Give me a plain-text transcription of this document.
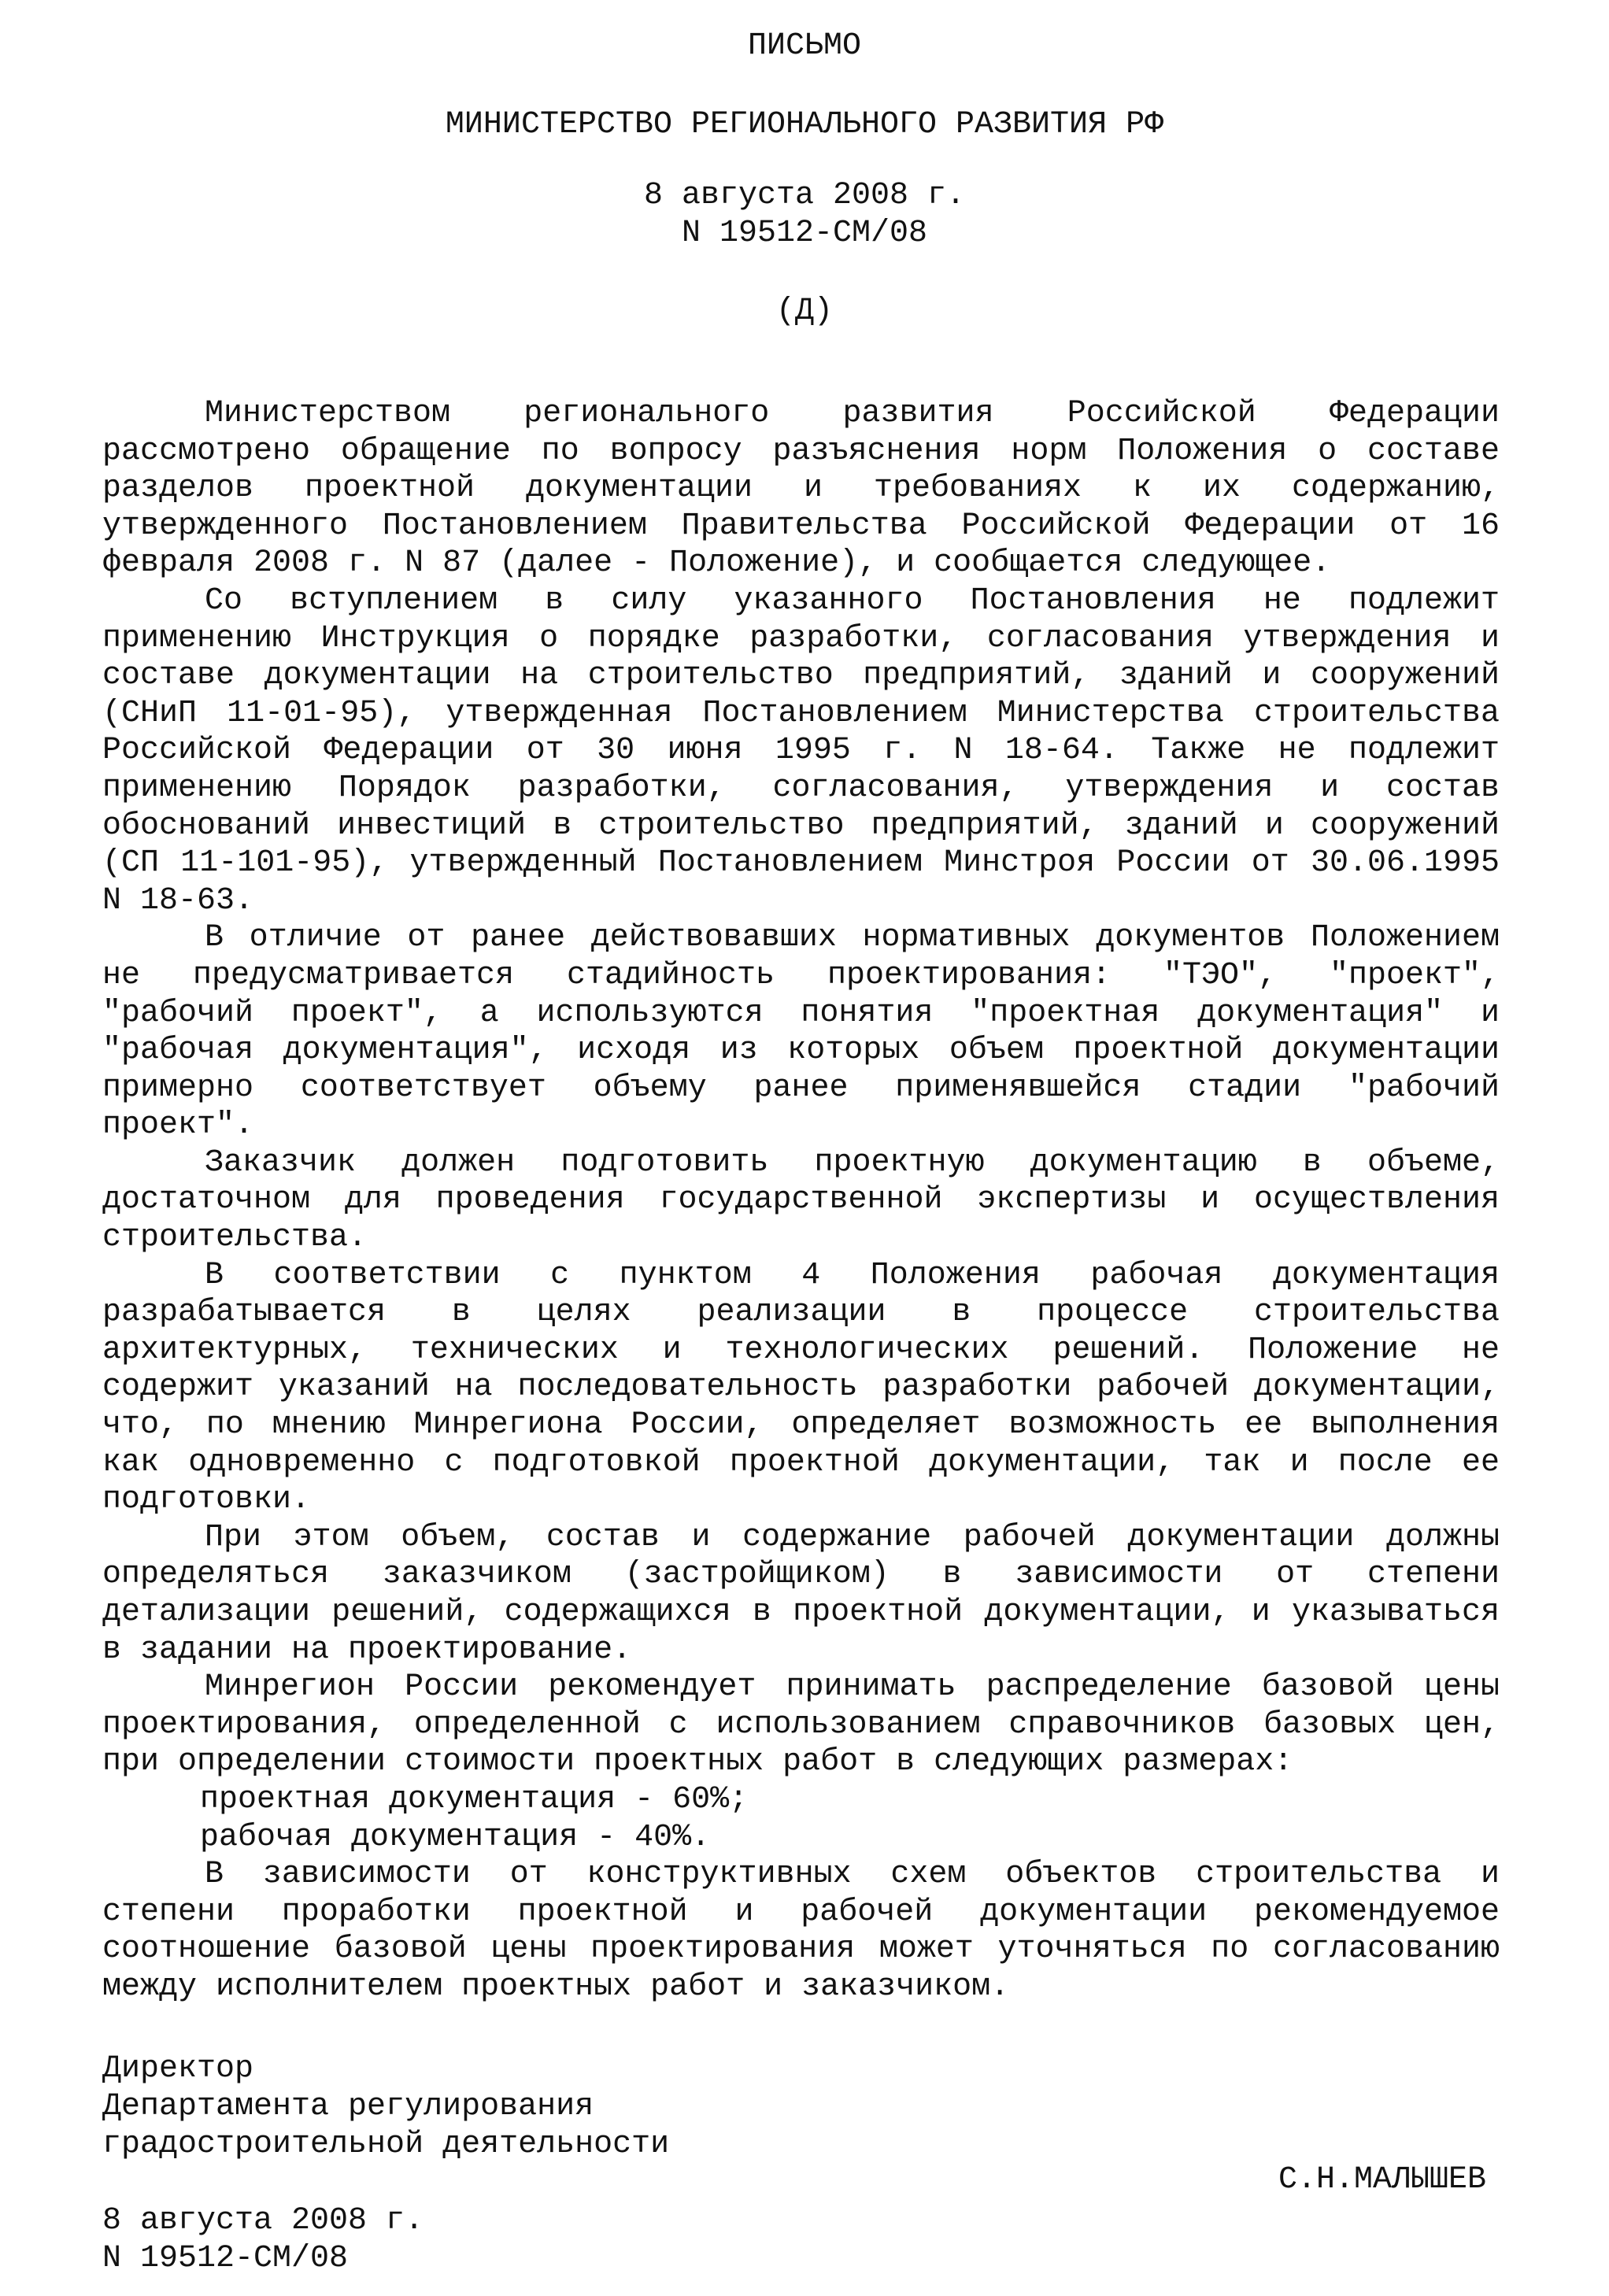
ПИСЬМО
МИНИСТЕРСТВО РЕГИОНАЛЬНОГО РАЗВИТИЯ РФ
8 августа 2008 г.
N 19512-СМ/08
(Д)

Министерством регионального развития Российской Федерации рассмотрено обращение по вопросу разъяснения норм Положения о составе разделов проектной документации и требованиях к их содержанию, утвержденного Постановлением Правительства Российской Федерации от 16 февраля 2008 г. N 87 (далее - Положение), и сообщается следующее.

Со вступлением в силу указанного Постановления не подлежит применению Инструкция о порядке разработки, согласования утверждения и составе документации на строительство предприятий, зданий и сооружений (СНиП 11-01-95), утвержденная Постановлением Министерства строительства Российской Федерации от 30 июня 1995 г. N 18-64. Также не подлежит применению Порядок разработки, согласования, утверждения и состав обоснований инвестиций в строительство предприятий, зданий и сооружений (СП 11-101-95), утвержденный Постановлением Минстроя России от 30.06.1995 N 18-63.

В отличие от ранее действовавших нормативных документов Положением не предусматривается стадийность проектирования: "ТЭО", "проект", "рабочий проект", а используются понятия "проектная документация" и "рабочая документация", исходя из которых объем проектной документации примерно соответствует объему ранее применявшейся стадии "рабочий проект".

Заказчик должен подготовить проектную документацию в объеме, достаточном для проведения государственной экспертизы и осуществления строительства.

В соответствии с пунктом 4 Положения рабочая документация разрабатывается в целях реализации в процессе строительства архитектурных, технических и технологических решений. Положение не содержит указаний на последовательность разработки рабочей документации, что, по мнению Минрегиона России, определяет возможность ее выполнения как одновременно с подготовкой проектной документации, так и после ее подготовки.

При этом объем, состав и содержание рабочей документации должны определяться заказчиком (застройщиком) в зависимости от степени детализации решений, содержащихся в проектной документации, и указываться в задании на проектирование.

Минрегион России рекомендует принимать распределение базовой цены проектирования, определенной с использованием справочников базовых цен, при определении стоимости проектных работ в следующих размерах:

проектная документация - 60%;
рабочая документация - 40%.

В зависимости от конструктивных схем объектов строительства и степени проработки проектной и рабочей документации рекомендуемое соотношение базовой цены проектирования может уточняться по согласованию между исполнителем проектных работ и заказчиком.

Директор
Департамента регулирования
градостроительной деятельности
С.Н.МАЛЫШЕВ
8 августа 2008 г.
N 19512-СМ/08
